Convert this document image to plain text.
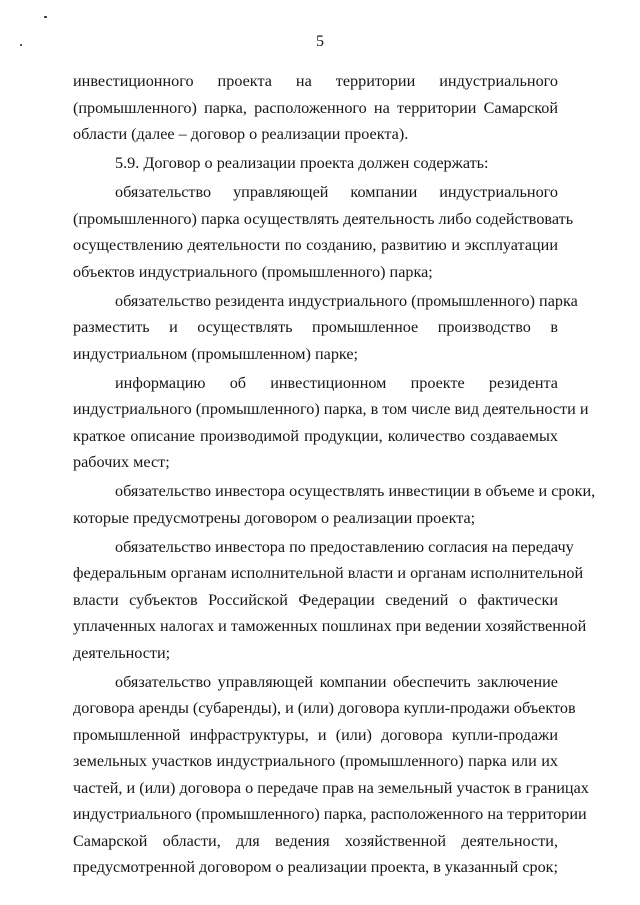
5
инвестиционного проекта на территории индустриального
(промышленного) парка, расположенного на территории Самарской
области (далее – договор о реализации проекта).
5.9. Договор о реализации проекта должен содержать:
обязательство управляющей компании индустриального
(промышленного) парка осуществлять деятельность либо содействовать
осуществлению деятельности по созданию, развитию и эксплуатации
объектов индустриального (промышленного) парка;
обязательство резидента индустриального (промышленного) парка
разместить и осуществлять промышленное производство в
индустриальном (промышленном) парке;
информацию об инвестиционном проекте резидента
индустриального (промышленного) парка, в том числе вид деятельности и
краткое описание производимой продукции, количество создаваемых
рабочих мест;
обязательство инвестора осуществлять инвестиции в объеме и сроки,
которые предусмотрены договором о реализации проекта;
обязательство инвестора по предоставлению согласия на передачу
федеральным органам исполнительной власти и органам исполнительной
власти субъектов Российской Федерации сведений о фактически
уплаченных налогах и таможенных пошлинах при ведении хозяйственной
деятельности;
обязательство управляющей компании обеспечить заключение
договора аренды (субаренды), и (или) договора купли-продажи объектов
промышленной инфраструктуры, и (или) договора купли-продажи
земельных участков индустриального (промышленного) парка или их
частей, и (или) договора о передаче прав на земельный участок в границах
индустриального (промышленного) парка, расположенного на территории
Самарской области, для ведения хозяйственной деятельности,
предусмотренной договором о реализации проекта, в указанный срок;
